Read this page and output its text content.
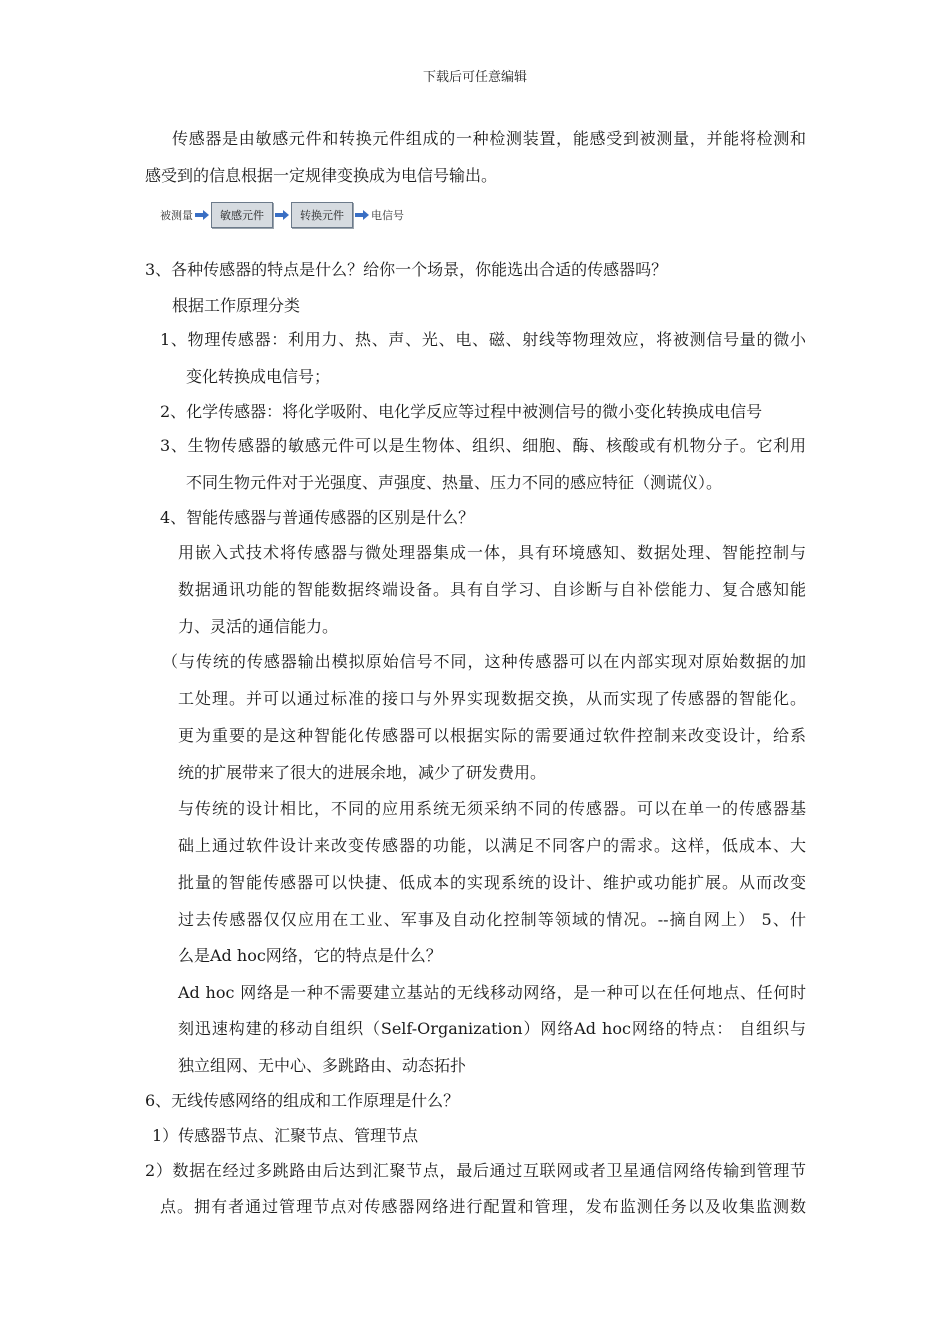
下载后可任意编辑
传感器是由敏感元件和转换元件组成的一种检测装置，能感受到被测量，并能将检测和
感受到的信息根据一定规律变换成为电信号输出。
被测量	敏感元件	转换元件	电信号
3、各种传感器的特点是什么？给你一个场景，你能选出合适的传感器吗？
根据工作原理分类
1、物理传感器：利用力、热、声、光、电、磁、射线等物理效应，将被测信号量的微小
变化转换成电信号；
2、化学传感器：将化学吸附、电化学反应等过程中被测信号的微小变化转换成电信号
3、生物传感器的敏感元件可以是生物体、组织、细胞、酶、核酸或有机物分子。它利用
不同生物元件对于光强度、声强度、热量、压力不同的感应特征（测谎仪）。
4、智能传感器与普通传感器的区别是什么？
用嵌入式技术将传感器与微处理器集成一体，具有环境感知、数据处理、智能控制与
数据通讯功能的智能数据终端设备。具有自学习、自诊断与自补偿能力、复合感知能
力、灵活的通信能力。
（与传统的传感器输出模拟原始信号不同，这种传感器可以在内部实现对原始数据的加
工处理。并可以通过标准的接口与外界实现数据交换，从而实现了传感器的智能化。
更为重要的是这种智能化传感器可以根据实际的需要通过软件控制来改变设计，给系
统的扩展带来了很大的进展余地，减少了研发费用。
与传统的设计相比，不同的应用系统无须采纳不同的传感器。可以在单一的传感器基
础上通过软件设计来改变传感器的功能，以满足不同客户的需求。这样，低成本、大
批量的智能传感器可以快捷、低成本的实现系统的设计、维护或功能扩展。从而改变
过去传感器仅仅应用在工业、军事及自动化控制等领域的情况。--摘自网上） 5、什
么是Ad hoc网络，它的特点是什么？
Ad hoc 网络是一种不需要建立基站的无线移动网络，是一种可以在任何地点、任何时
刻迅速构建的移动自组织（Self-Organization）网络Ad hoc网络的特点： 自组织与
独立组网、无中心、多跳路由、动态拓扑
6、无线传感网络的组成和工作原理是什么？
1）传感器节点、汇聚节点、管理节点
2）数据在经过多跳路由后达到汇聚节点，最后通过互联网或者卫星通信网络传输到管理节
点。拥有者通过管理节点对传感器网络进行配置和管理，发布监测任务以及收集监测数
